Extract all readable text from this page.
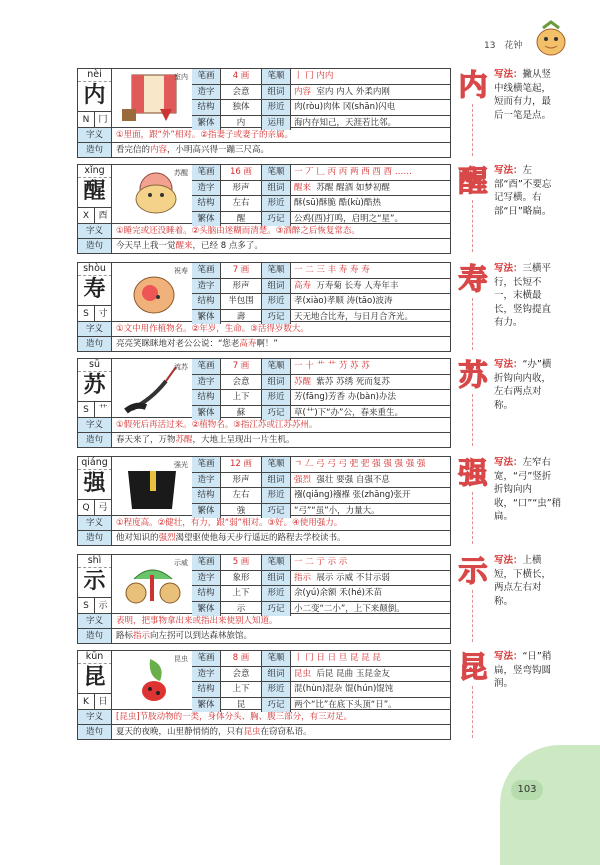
13 花钟
nèi
内
N	冂
室内	笔画	4 画	笔顺	丨 冂 内内
造字	会意	组词	内容 室内 内人 外柔内刚
结构	独体	形近	肉(ròu)肉体 冈(shān)闪电
繁体	内	运用	海内存知己，天涯若比邻。
字义	①里面，跟“外”相对。②指妻子或妻子的亲属。
造句	看完信的内容，小明高兴得一蹦三尺高。
内 写法：撇从竖中线横笔起，短而有力，最后一笔是点。
xǐng
醒
X	酉
苏醒	笔画	16 画	笔顺	一 丆 𠃊 丙 丙 两 西 酉 酉 ……
造字	形声	组词	醒来 苏醒 醒酒 如梦初醒
结构	左右	形近	酥(sū)酥脆 酷(kù)酷热
繁体	醒	巧记	公鸡(酉)打鸣，启明之“星”。
字义	①睡完或还没睡着。②头脑由迷糊而清楚。③酒醉之后恢复常态。
造句	今天早上我一觉醒来，已经 8 点多了。
醒 写法：左部“酉”不要忘记写横。右部“日”略扁。
shòu
寿
S	寸
祝寿	笔画	7 画	笔顺	一 二 三 丰 寿 寿 寿
造字	形声	组词	高寿 万寿菊 长寿 人寿年丰
结构	半包围	形近	孝(xiào)孝顺 涛(tāo)波涛
繁体	壽	巧记	天无地合比寿，与日月合齐光。
字义	①文中用作植物名。②年岁，生命。③活得岁数大。
造句	亮亮笑眯眯地对老公公说：“您老高寿啊！”
寿 写法：三横平行，长短不一，末横最长，竖钩提直有力。
sū
苏
S	艹
流苏	笔画	7 画	笔顺	一 十 艹 艹 芀 苏 苏
造字	会意	组词	苏醒 紫苏 苏绣 死而复苏
结构	上下	形近	芳(fāng)芳香 办(bàn)办法
繁体	蘇	巧记	草(艹)下“办”公，春来重生。
字义	①假死后再活过来。②植物名。③指江苏或江苏苏州。
造句	春天来了，万物苏醒，大地上呈现出一片生机。
苏 写法：“办”横折钩向内收，左右两点对称。
qiáng
强
Q 弓
强光	笔画	12 画	笔顺	ㄱ 𠃋 弓 弓 弓 弝 弝 强 强 强 强 强
造字	形声	组词	强烈 强壮 要强 自强不息
结构	左右	形近	襁(qiǎng)襁褓 张(zhāng)张开
繁体	強	巧记	“弓”“虽”小，力量大。
字义	①程度高。②健壮，有力，跟“弱”相对。③好。④使用强力。
造句	他对知识的强烈渴望驱使他每天步行遥远的路程去学校读书。
强 写法：左窄右宽，“弓”竖折折钩向内收，“口”“虫”稍扁。
shì
示
S	示
示威	笔画	5 画	笔顺	一 二 亍 示 示
造字	象形	组词	指示 展示 示威 不甘示弱
结构	上下	形近	余(yú)余额 禾(hé)禾苗
繁体	示	巧记	小二变“二小”，上下来颠倒。
字义	表明，把事物拿出来或指出来使别人知道。
造句	路标指示向左拐可以到达森林旅馆。
示 写法：上横短，下横长，两点左右对称。
kūn
昆
K	日
昆虫	笔画	8 画	笔顺	丨 冂 日 日 旦 昆 昆 昆
造字	会意	组词	昆虫 后昆 昆曲 玉昆金友
结构	上下	形近	混(hùn)混杂 馄(hún)馄饨
繁体	昆	巧记	两个“比”在底下头顶“日”。
字义	[昆虫]节肢动物的一类，身体分头、胸、腹三部分，有三对足。
造句	夏天的夜晚，山里静悄悄的，只有昆虫在窃窃私语。
昆 写法：“日”稍扁，竖弯钩圆润。
103
